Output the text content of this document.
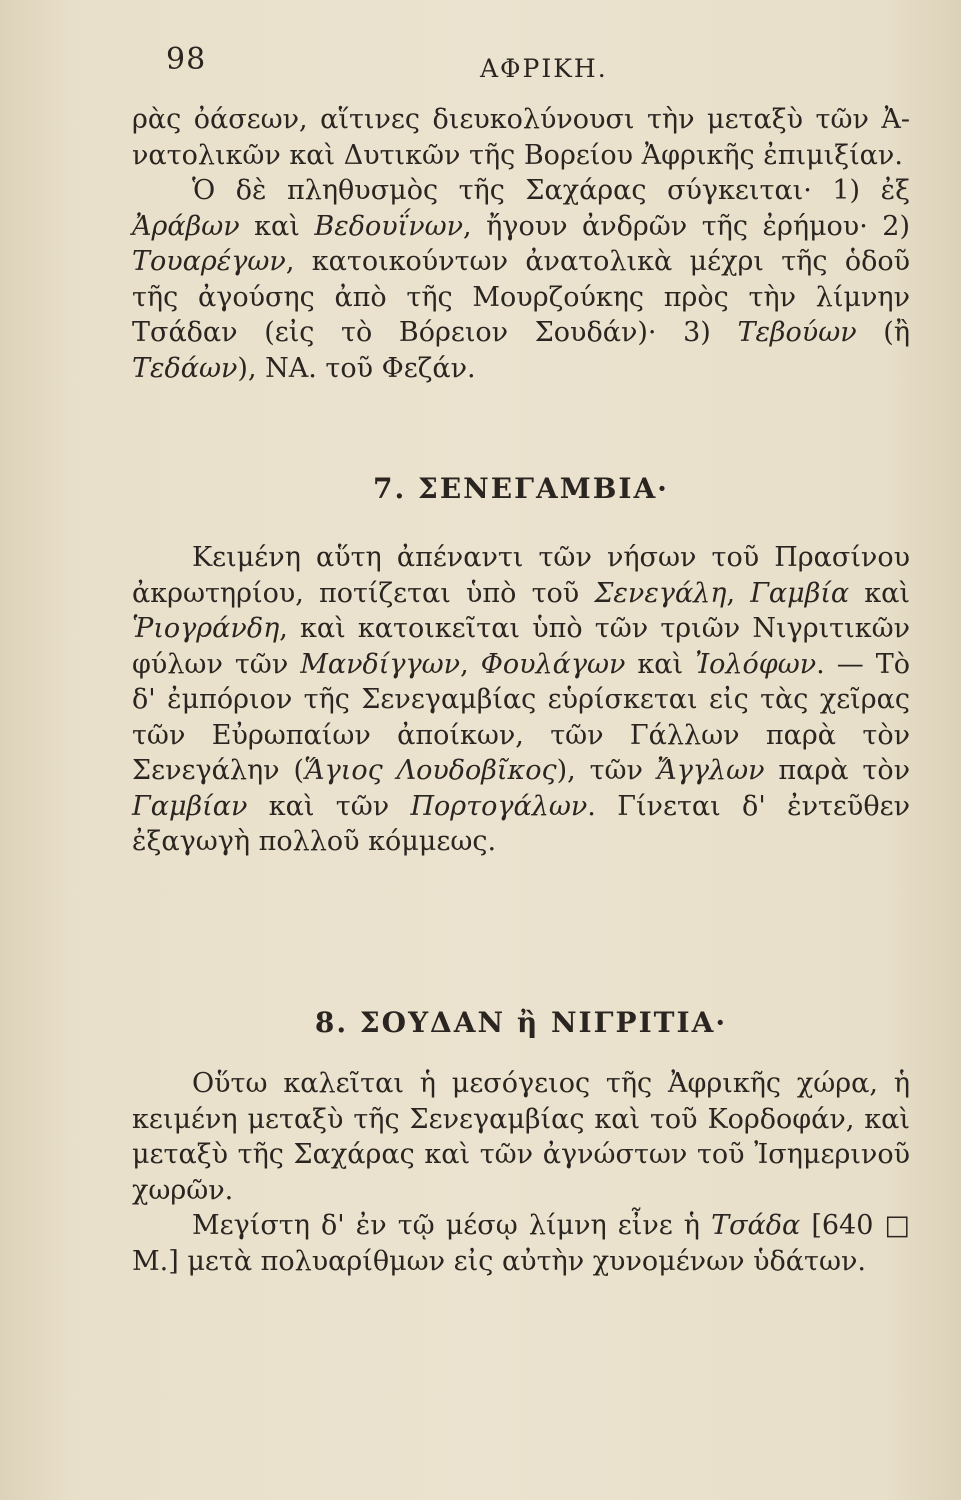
98	ΑΦΡΙΚΗ.

ρὰς ὀάσεων, αἵτινες διευκολύνουσι τὴν μεταξὺ τῶν Ἀ- νατολικῶν καὶ Δυτικῶν τῆς Βορείου Ἀφρικῆς ἐπιμιξίαν.

Ὁ δὲ πληθυσμὸς τῆς Σαχάρας σύγκειται· 1) ἐξ Ἀράβων καὶ Βεδουΐνων, ἤγουν ἀνδρῶν τῆς ἐρήμου· 2) Τουαρέγων, κατοικούντων ἀνατολικὰ μέχρι τῆς ὁδοῦ τῆς ἀγούσης ἀπὸ τῆς Μουρζούκης πρὸς τὴν λίμνην Τσάδαν (εἰς τὸ Βόρειον Σουδάν)· 3) Τεβούων (ἢ Τεδάων), ΝΑ. τοῦ Φεζάν.

7. ΣΕΝΕΓΑΜΒΙΑ·

Κειμένη αὕτη ἀπέναντι τῶν νήσων τοῦ Πρασίνου ἀκρωτηρίου, ποτίζεται ὑπὸ τοῦ Σενεγάλη, Γαμβία καὶ Ῥιογράνδη, καὶ κατοικεῖται ὑπὸ τῶν τριῶν Νιγριτικῶν φύλων τῶν Μανδίγγων, Φουλάγων καὶ Ἰολόφων. — Τὸ δ' ἐμπόριον τῆς Σενεγαμβίας εὑρίσκεται εἰς τὰς χεῖρας τῶν Εὐρωπαίων ἀποίκων, τῶν Γάλλων παρὰ τὸν Σενεγάλην (Ἅγιος Λουδοβῖκος), τῶν Ἄγγλων παρὰ τὸν Γαμβίαν καὶ τῶν Πορτογάλων. Γίνεται δ' ἐντεῦθεν ἐξαγωγὴ πολλοῦ κόμμεως.

8. ΣΟΥΔΑΝ ἢ ΝΙΓΡΙΤΙΑ·

Οὕτω καλεῖται ἡ μεσόγειος τῆς Ἀφρικῆς χώρα, ἡ κειμένη μεταξὺ τῆς Σενεγαμβίας καὶ τοῦ Κορδοφάν, καὶ μεταξὺ τῆς Σαχάρας καὶ τῶν ἀγνώστων τοῦ Ἰσημερινοῦ χωρῶν.

Μεγίστη δ' ἐν τῷ μέσῳ λίμνη εἶνε ἡ Τσάδα [640 □ Μ.] μετὰ πολυαρίθμων εἰς αὐτὴν χυνομένων ὑδάτων.
